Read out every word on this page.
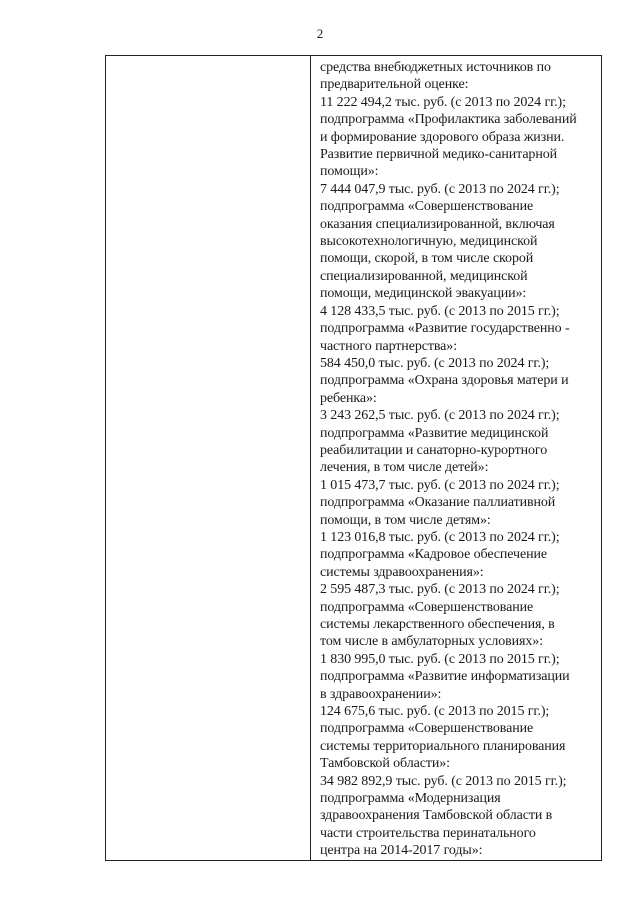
2

средства внебюджетных источников по
предварительной оценке:
11 222 494,2 тыс. руб. (с 2013 по 2024 гг.);
подпрограмма «Профилактика заболеваний
и формирование здорового образа жизни.
Развитие первичной медико-санитарной
помощи»:
7 444 047,9 тыс. руб. (с 2013 по 2024 гг.);
подпрограмма «Совершенствование
оказания специализированной, включая
высокотехнологичную, медицинской
помощи, скорой, в том числе скорой
специализированной, медицинской
помощи, медицинской эвакуации»:
4 128 433,5 тыс. руб. (с 2013 по 2015 гг.);
подпрограмма «Развитие государственно -
частного партнерства»:
584 450,0 тыс. руб. (с 2013 по 2024 гг.);
подпрограмма «Охрана здоровья матери и
ребенка»:
3 243 262,5 тыс. руб. (с 2013 по 2024 гг.);
подпрограмма «Развитие медицинской
реабилитации и санаторно-курортного
лечения, в том числе детей»:
1 015 473,7 тыс. руб. (с 2013 по 2024 гг.);
подпрограмма «Оказание паллиативной
помощи, в том числе детям»:
1 123 016,8 тыс. руб. (с 2013 по 2024 гг.);
подпрограмма «Кадровое обеспечение
системы здравоохранения»:
2 595 487,3 тыс. руб. (с 2013 по 2024 гг.);
подпрограмма «Совершенствование
системы лекарственного обеспечения, в
том числе в амбулаторных условиях»:
1 830 995,0 тыс. руб. (с 2013 по 2015 гг.);
подпрограмма «Развитие информатизации
в здравоохранении»:
124 675,6 тыс. руб. (с 2013 по 2015 гг.);
подпрограмма «Совершенствование
системы территориального планирования
Тамбовской области»:
34 982 892,9 тыс. руб. (с 2013 по 2015 гг.);
подпрограмма «Модернизация
здравоохранения Тамбовской области в
части строительства перинатального
центра на 2014-2017 годы»:
